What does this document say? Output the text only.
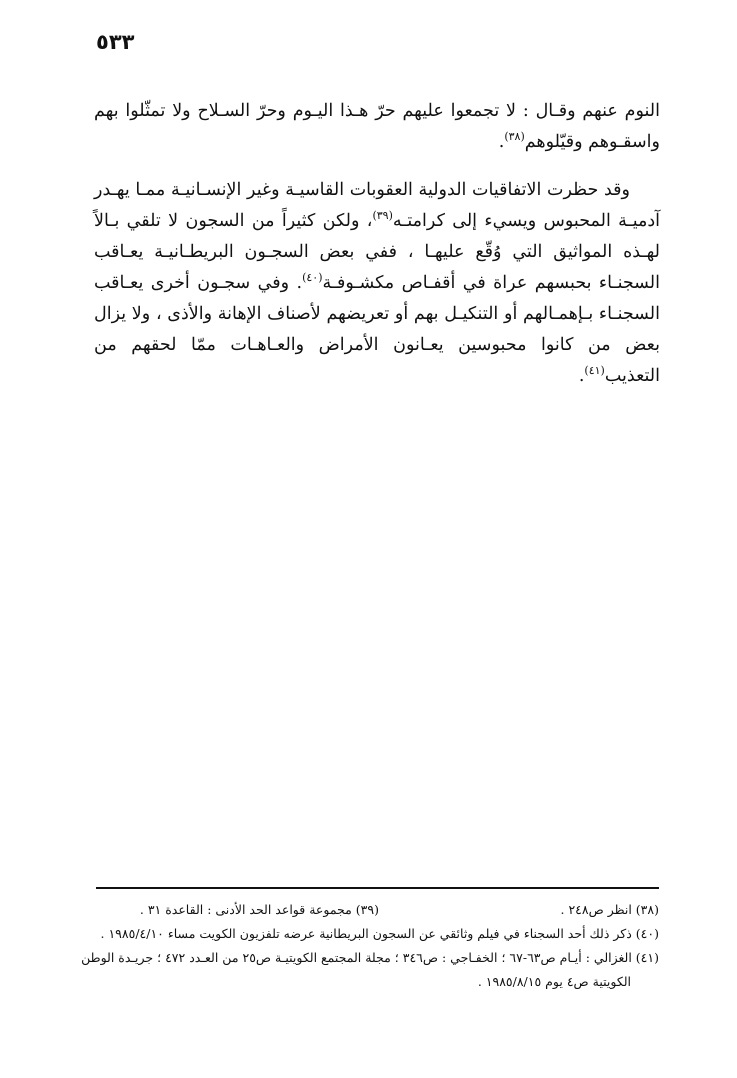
٥٣٣

النوم عنهم وقـال : لا تجمعوا عليهم حرّ هـذا اليـوم وحرّ السـلاح ولا تمثّلوا بهم واسقـوهم وقيّلوهم$^{(٣٨)}$.

وقد حظرت الاتفاقيات الدولية العقوبات القاسيـة وغير الإنسـانيـة ممـا يهـدر آدميـة المحبوس ويسيء إلى كرامتـه$^{(٣٩)}$، ولكن كثيراً من السجون لا تلقي بـالاً لهـذه المواثيق التي وُقّع عليهـا ، ففي بعض السجـون البريطـانيـة يعـاقب السجنـاء بحبسهم عراة في أقفـاص مكشـوفـة$^{(٤٠)}$. وفي سجـون أخرى يعـاقب السجنـاء بـإهمـالهم أو التنكيـل بهم أو تعريضهم لأصناف الإهانة والأذى ، ولا يزال بعض من كانوا محبوسين يعـانون الأمراض والعـاهـات ممّا لحقهم من التعذيب$^{(٤١)}$.

(٣٨) انظر ص٢٤٨ .
(٣٩) مجموعة قواعد الحد الأدنى : القاعدة ٣١ .
(٤٠) ذكر ذلك أحد السجناء في فيلم وثائقي عن السجون البريطانية عرضه تلفزيون الكويت مساء ١٩٨٥/٤/١٠ .
(٤١) الغزالي : أيـام ص٦٣-٦٧ ؛ الخفـاجي : ص٣٤٦ ؛ مجلة المجتمع الكويتيـة ص٢٥ من العـدد ٤٧٢ ؛ جريـدة الوطن
الكويتية ص٤ يوم ١٩٨٥/٨/١٥ .
